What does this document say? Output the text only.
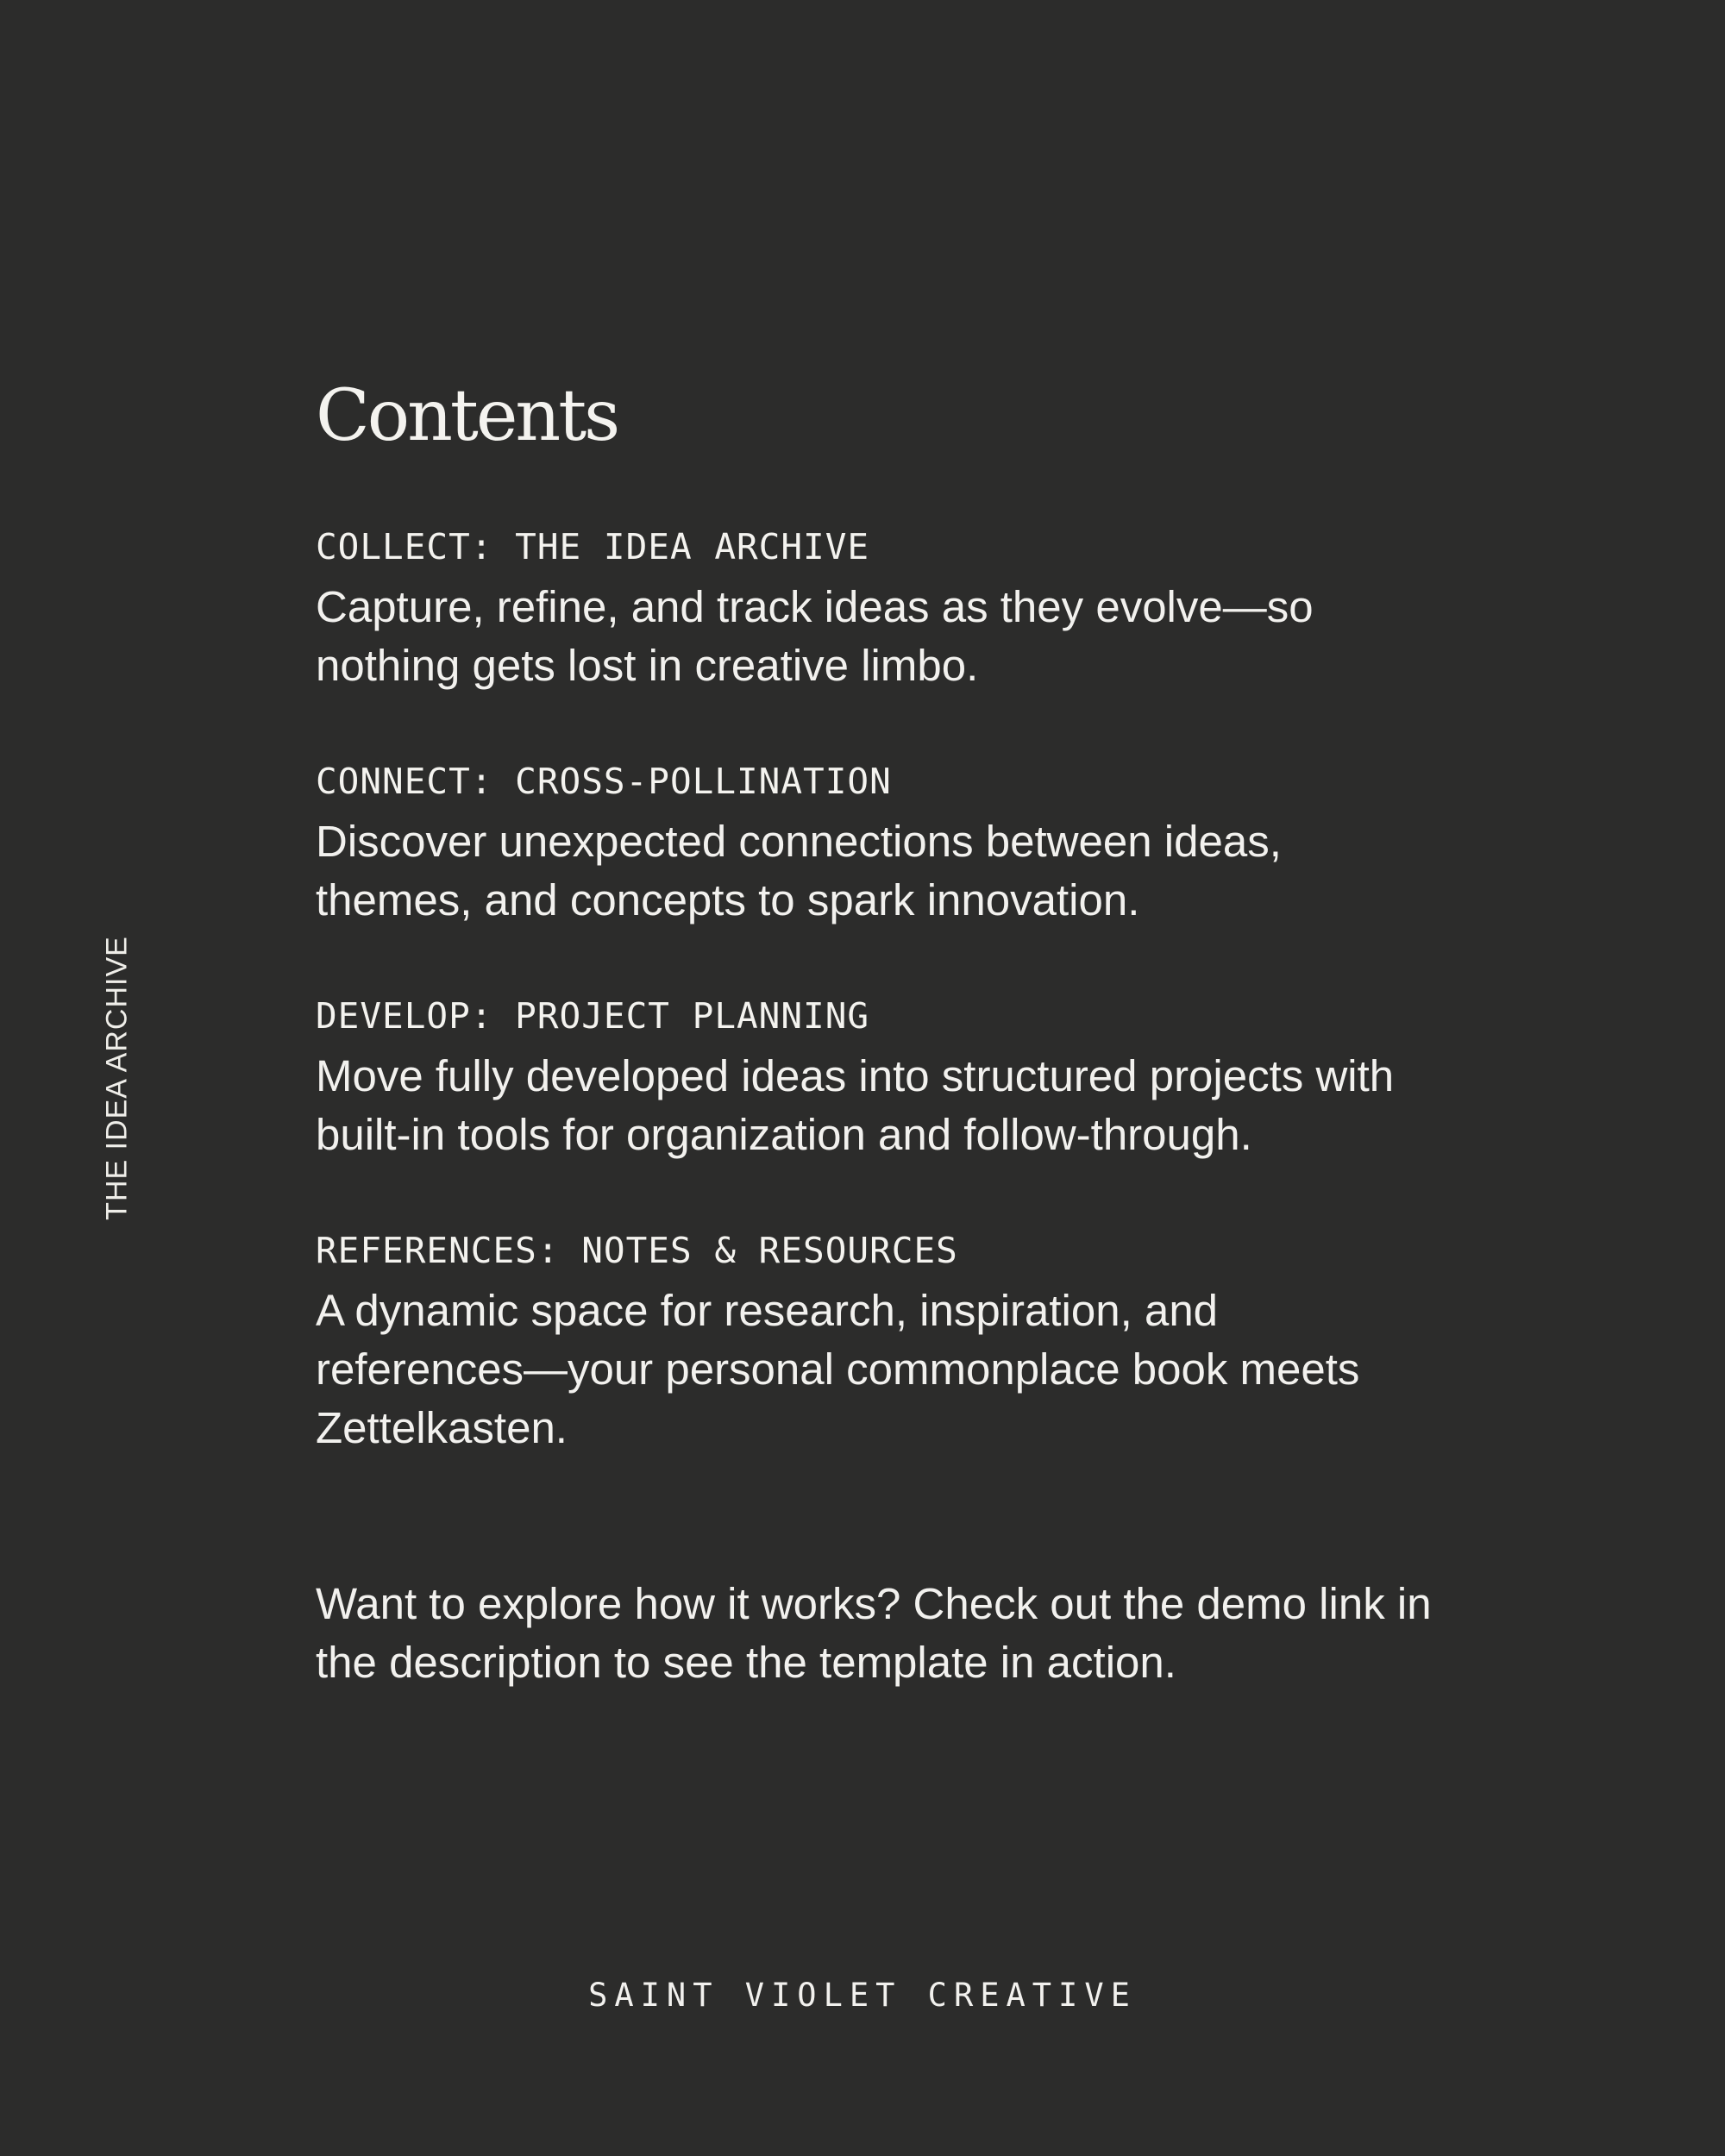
THE IDEA ARCHIVE
Contents
COLLECT: THE IDEA ARCHIVE

Capture, refine, and track ideas as they evolve—so nothing gets lost in creative limbo.

CONNECT: CROSS-POLLINATION

Discover unexpected connections between ideas, themes, and concepts to spark innovation.

DEVELOP: PROJECT PLANNING

Move fully developed ideas into structured projects with built-in tools for organization and follow-through.

REFERENCES: NOTES & RESOURCES

A dynamic space for research, inspiration, and references—your personal commonplace book meets Zettelkasten.

Want to explore how it works? Check out the demo link in the description to see the template in action.

SAINT VIOLET CREATIVE
